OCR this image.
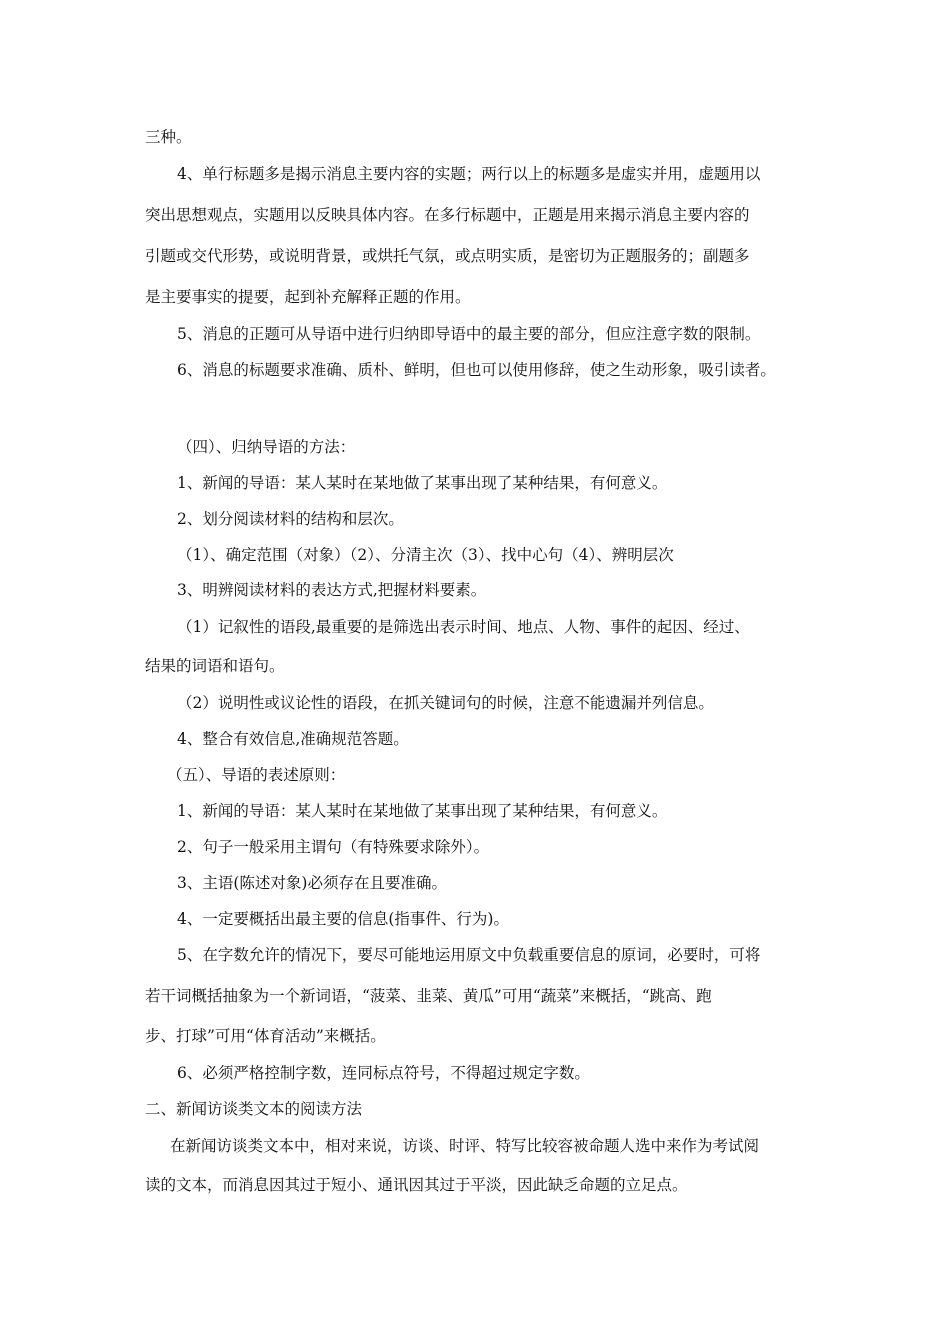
三种。
4、单行标题多是揭示消息主要内容的实题；两行以上的标题多是虚实并用，虚题用以
突出思想观点，实题用以反映具体内容。在多行标题中，正题是用来揭示消息主要内容的
引题或交代形势，或说明背景，或烘托气氛，或点明实质，是密切为正题服务的；副题多
是主要事实的提要，起到补充解释正题的作用。
5、消息的正题可从导语中进行归纳即导语中的最主要的部分，但应注意字数的限制。
6、消息的标题要求准确、质朴、鲜明，但也可以使用修辞，使之生动形象，吸引读者。
（四）、归纳导语的方法：
1、新闻的导语：某人某时在某地做了某事出现了某种结果，有何意义。
2、划分阅读材料的结构和层次。
（1）、确定范围（对象）（2）、分清主次（3）、找中心句（4）、辨明层次
3、明辨阅读材料的表达方式,把握材料要素。
（1）记叙性的语段,最重要的是筛选出表示时间、地点、人物、事件的起因、经过、
结果的词语和语句。
（2）说明性或议论性的语段，在抓关键词句的时候，注意不能遗漏并列信息。
4、整合有效信息,准确规范答题。
（五）、导语的表述原则：
1、新闻的导语：某人某时在某地做了某事出现了某种结果，有何意义。
2、句子一般采用主谓句（有特殊要求除外）。
3、主语(陈述对象)必须存在且要准确。
4、一定要概括出最主要的信息(指事件、行为)。
5、在字数允许的情况下，要尽可能地运用原文中负载重要信息的原词，必要时，可将
若干词概括抽象为一个新词语，“菠菜、韭菜、黄瓜”可用“蔬菜”来概括，“跳高、跑
步、打球”可用“体育活动”来概括。
6、必须严格控制字数，连同标点符号，不得超过规定字数。
二、新闻访谈类文本的阅读方法
在新闻访谈类文本中，相对来说，访谈、时评、特写比较容被命题人选中来作为考试阅
读的文本，而消息因其过于短小、通讯因其过于平淡，因此缺乏命题的立足点。
